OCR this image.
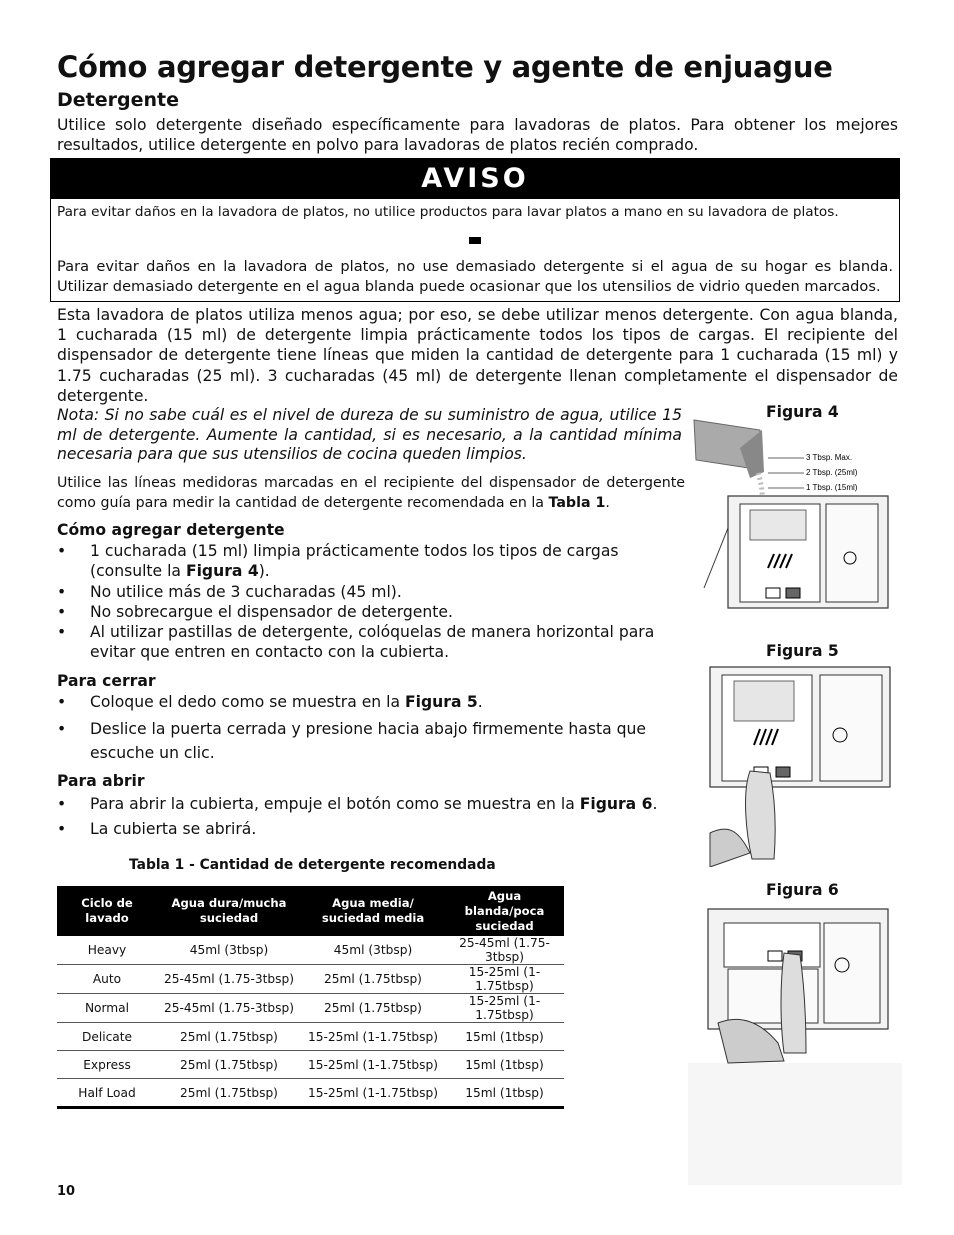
Cómo agregar detergente y agente de enjuague
Detergente
Utilice solo detergente diseñado específicamente para lavadoras de platos. Para obtener los mejores resultados, utilice detergente en polvo para lavadoras de platos recién comprado.
AVISO
Para evitar daños en la lavadora de platos, no utilice productos para lavar platos a mano en su lavadora de platos.
Para evitar daños en la lavadora de platos, no use demasiado detergente si el agua de su hogar es blanda. Utilizar demasiado detergente en el agua blanda puede ocasionar que los utensilios de vidrio queden marcados.
Esta lavadora de platos utiliza menos agua; por eso, se debe utilizar menos detergente. Con agua blanda, 1 cucharada (15 ml) de detergente limpia prácticamente todos los tipos de cargas. El recipiente del dispensador de detergente tiene líneas que miden la cantidad de detergente para 1 cucharada (15 ml) y 1.75 cucharadas (25 ml). 3 cucharadas (45 ml) de detergente llenan completamente el dispensador de detergente.
Nota: Si no sabe cuál es el nivel de dureza de su suministro de agua, utilice 15 ml de detergente. Aumente la cantidad, si es necesario, a la cantidad mínima necesaria para que sus utensilios de cocina queden limpios.
Utilice las líneas medidoras marcadas en el recipiente del dispensador de detergente como guía para medir la cantidad de detergente recomendada en la Tabla 1.
Cómo agregar detergente
• 1 cucharada (15 ml) limpia prácticamente todos los tipos de cargas (consulte la Figura 4).
• No utilice más de 3 cucharadas (45 ml).
• No sobrecargue el dispensador de detergente.
• Al utilizar pastillas de detergente, colóquelas de manera horizontal para evitar que entren en contacto con la cubierta.
Para cerrar
• Coloque el dedo como se muestra en la Figura 5.
• Deslice la puerta cerrada y presione hacia abajo firmemente hasta que escuche un clic.
Para abrir
• Para abrir la cubierta, empuje el botón como se muestra en la Figura 6.
• La cubierta se abrirá.
Tabla 1 - Cantidad de detergente recomendada
Ciclo de lavado	Agua dura/mucha suciedad	Agua media/ suciedad media	Agua blanda/poca suciedad
Heavy	45ml (3tbsp)	45ml (3tbsp)	25-45ml (1.75-3tbsp)
Auto	25-45ml (1.75-3tbsp)	25ml (1.75tbsp)	15-25ml (1-1.75tbsp)
Normal	25-45ml (1.75-3tbsp)	25ml (1.75tbsp)	15-25ml (1-1.75tbsp)
Delicate	25ml (1.75tbsp)	15-25ml (1-1.75tbsp)	15ml (1tbsp)
Express	25ml (1.75tbsp)	15-25ml (1-1.75tbsp)	15ml (1tbsp)
Half Load	25ml (1.75tbsp)	15-25ml (1-1.75tbsp)	15ml (1tbsp)
Figura 4
3 Tbsp. Max.
2 Tbsp. (25ml)
1 Tbsp. (15ml)
Figura 5
Figura 6
10
